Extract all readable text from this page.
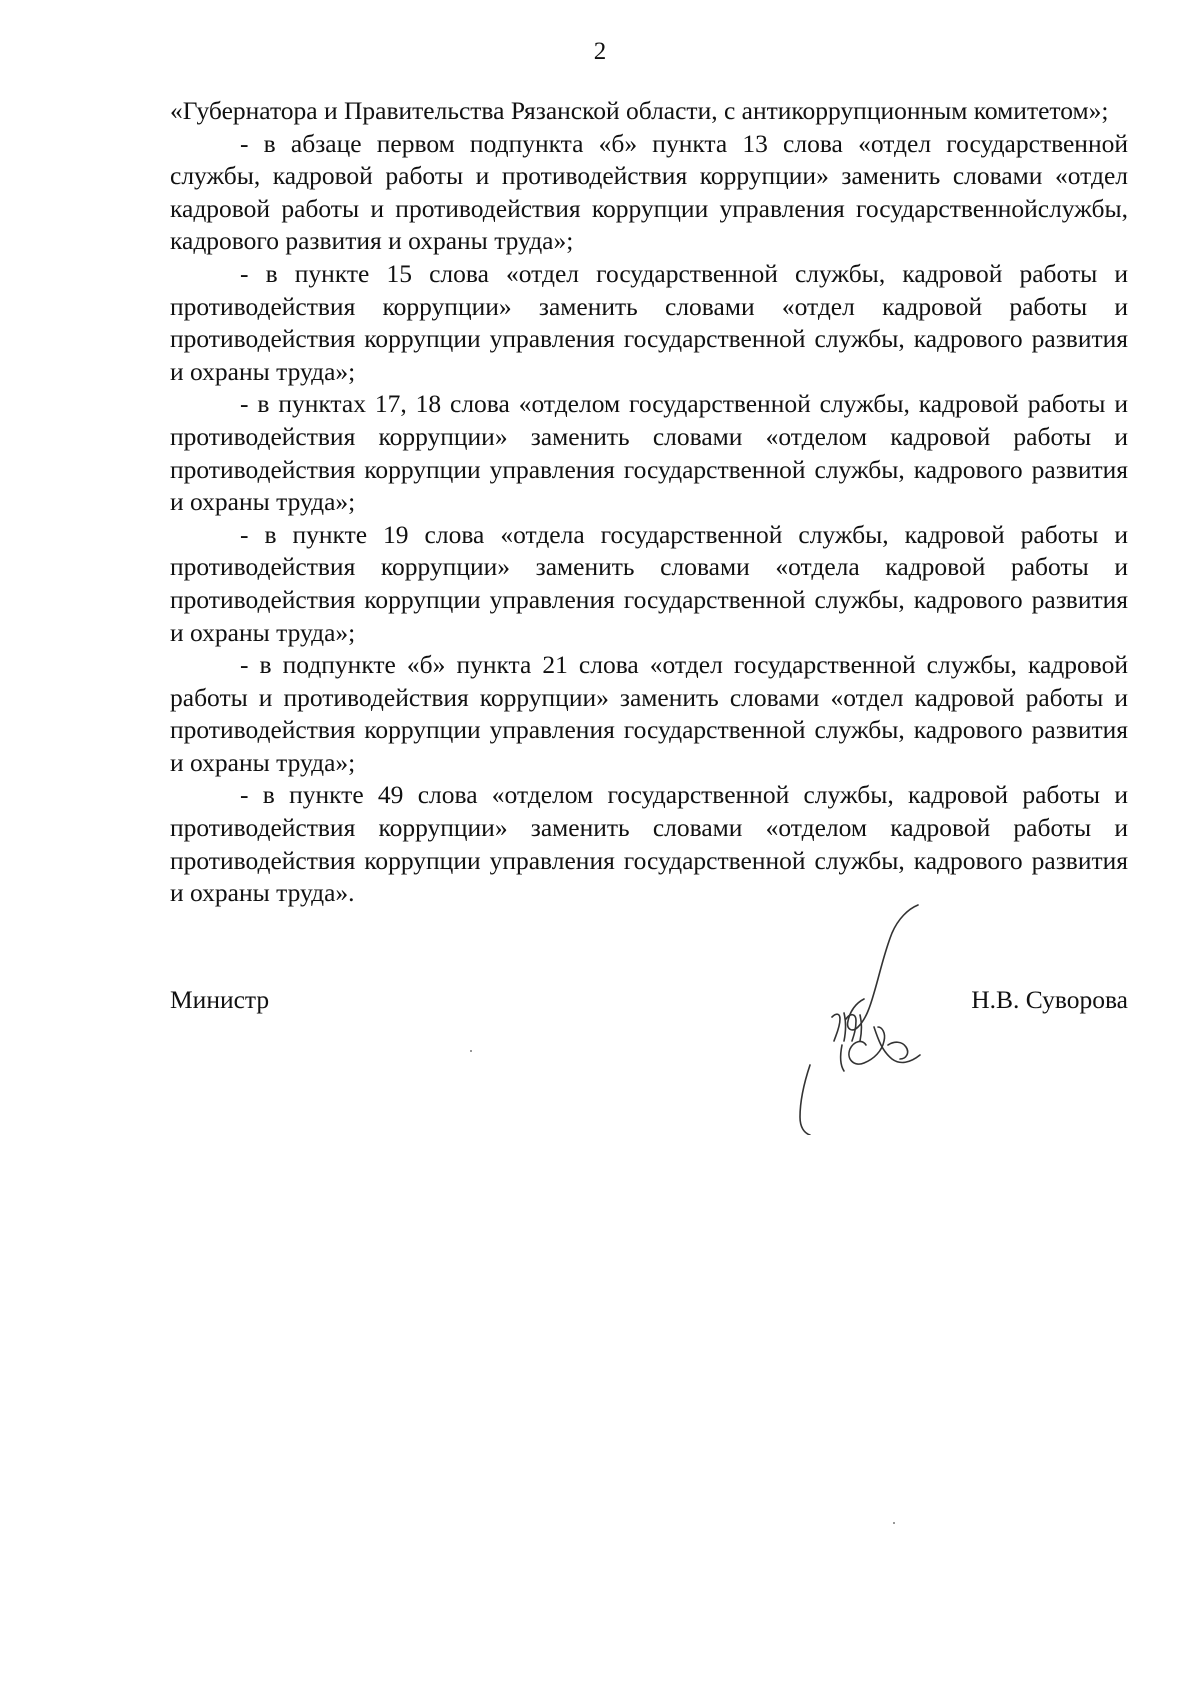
2

«Губернатора и Правительства Рязанской области, с антикоррупционным комитетом»;

- в абзаце первом подпункта «б» пункта 13 слова «отдел государственной службы, кадровой работы и противодействия коррупции» заменить словами «отдел кадровой работы и противодействия коррупции управления государственнойслужбы, кадрового развития и охраны труда»;

- в пункте 15 слова «отдел государственной службы, кадровой работы и противодействия коррупции» заменить словами «отдел кадровой работы и противодействия коррупции управления государственной службы, кадрового развития и охраны труда»;

- в пунктах 17, 18 слова «отделом государственной службы, кадровой работы и противодействия коррупции» заменить словами «отделом кадровой работы и противодействия коррупции управления государственной службы, кадрового развития и охраны труда»;

- в пункте 19 слова «отдела государственной службы, кадровой работы и противодействия коррупции» заменить словами «отдела кадровой работы и противодействия коррупции управления государственной службы, кадрового развития и охраны труда»;

- в подпункте «б» пункта 21 слова «отдел государственной службы, кадровой работы и противодействия коррупции» заменить словами «отдел кадровой работы и противодействия коррупции управления государственной службы, кадрового развития и охраны труда»;

- в пункте 49 слова «отделом государственной службы, кадровой работы и противодействия коррупции» заменить словами «отделом кадровой работы и противодействия коррупции управления государственной службы, кадрового развития и охраны труда».

Министр	Н.В. Суворова
